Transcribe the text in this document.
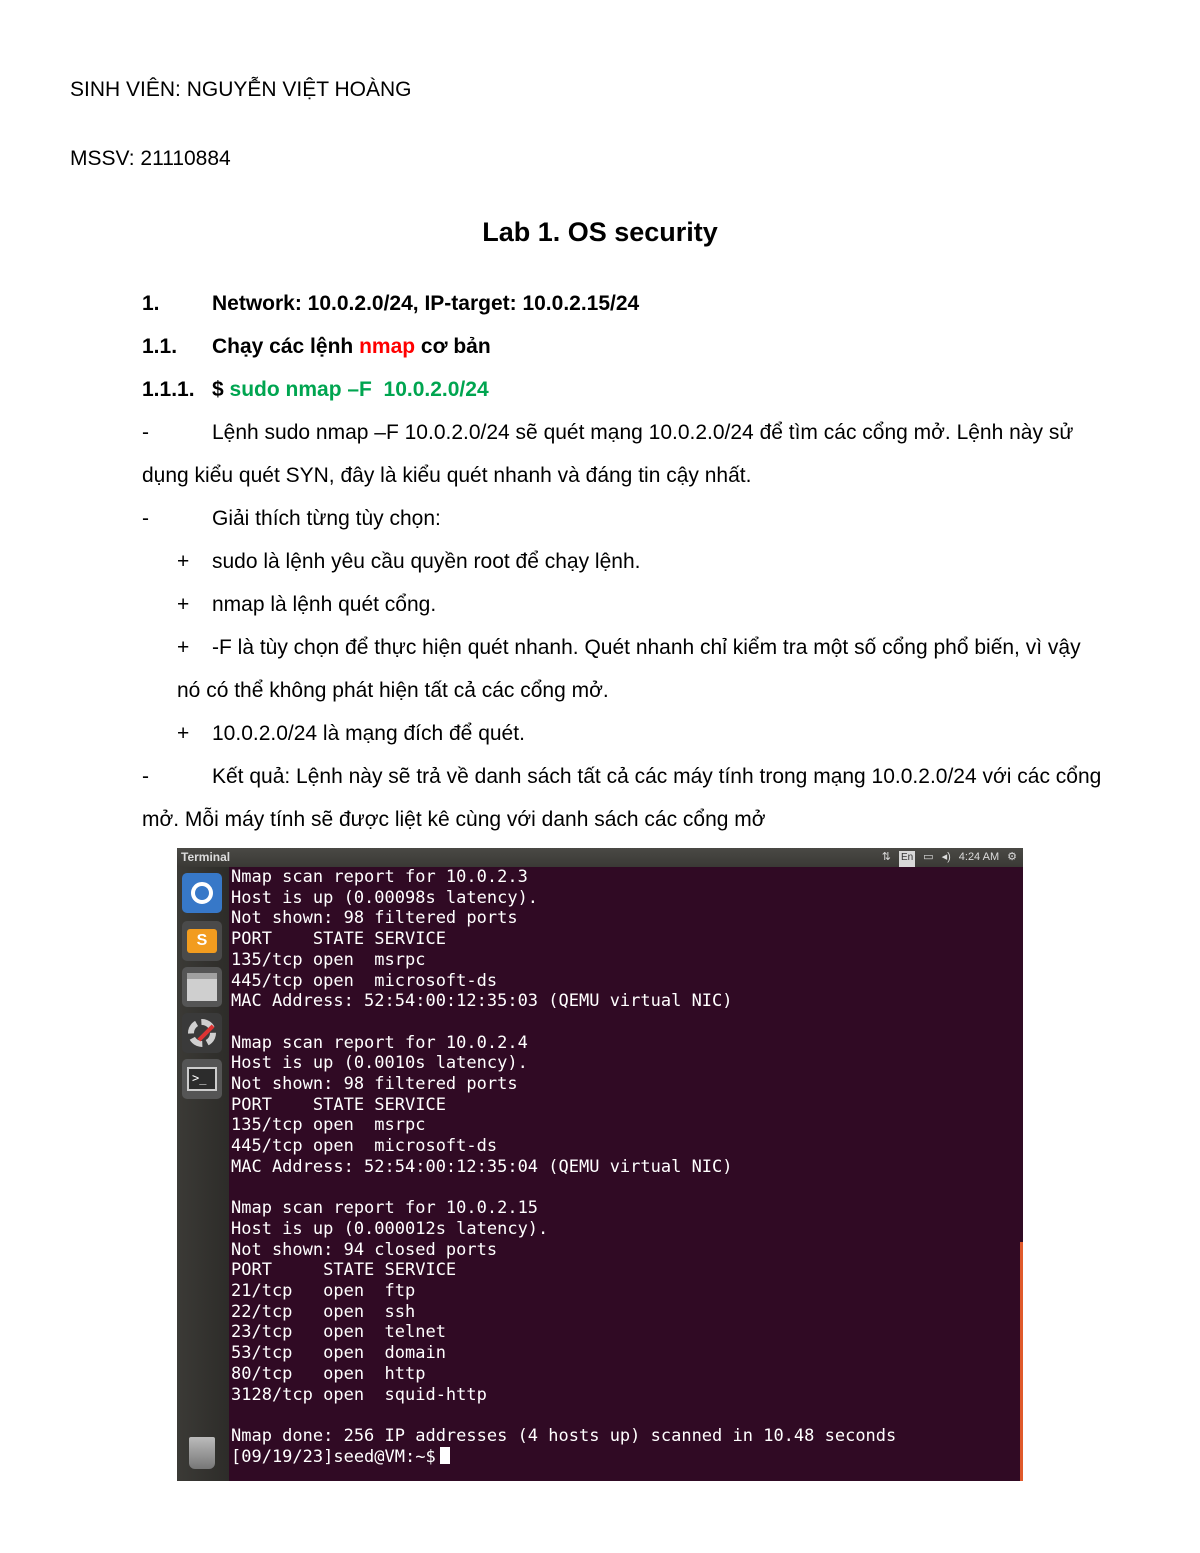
SINH VIÊN: NGUYỄN VIỆT HOÀNG
MSSV: 21110884
Lab 1. OS security
1. Network: 10.0.2.0/24, IP-target: 10.0.2.15/24
1.1. Chạy các lệnh nmap cơ bản
1.1.1. $ sudo nmap –F  10.0.2.0/24
-	Lệnh sudo nmap –F 10.0.2.0/24 sẽ quét mạng 10.0.2.0/24 để tìm các cổng mở. Lệnh này sử
dụng kiểu quét SYN, đây là kiểu quét nhanh và đáng tin cậy nhất.
-	Giải thích từng tùy chọn:
+ sudo là lệnh yêu cầu quyền root để chạy lệnh.
+ nmap là lệnh quét cổng.
+ -F là tùy chọn để thực hiện quét nhanh. Quét nhanh chỉ kiểm tra một số cổng phổ biến, vì vậy
nó có thể không phát hiện tất cả các cổng mở.
+ 10.0.2.0/24 là mạng đích để quét.
-	Kết quả: Lệnh này sẽ trả về danh sách tất cả các máy tính trong mạng 10.0.2.0/24 với các cổng
mở. Mỗi máy tính sẽ được liệt kê cùng với danh sách các cổng mở
Terminal	⇅ En ▭ ◂) 4:24 AM ⚙
S
>_
Nmap scan report for 10.0.2.3
Host is up (0.00098s latency).
Not shown: 98 filtered ports
PORT    STATE SERVICE
135/tcp open  msrpc
445/tcp open  microsoft-ds
MAC Address: 52:54:00:12:35:03 (QEMU virtual NIC)
Nmap scan report for 10.0.2.4
Host is up (0.0010s latency).
Not shown: 98 filtered ports
PORT    STATE SERVICE
135/tcp open  msrpc
445/tcp open  microsoft-ds
MAC Address: 52:54:00:12:35:04 (QEMU virtual NIC)
Nmap scan report for 10.0.2.15
Host is up (0.000012s latency).
Not shown: 94 closed ports
PORT     STATE SERVICE
21/tcp   open  ftp
22/tcp   open  ssh
23/tcp   open  telnet
53/tcp   open  domain
80/tcp   open  http
3128/tcp open  squid-http
Nmap done: 256 IP addresses (4 hosts up) scanned in 10.48 seconds
[09/19/23]seed@VM:~$
